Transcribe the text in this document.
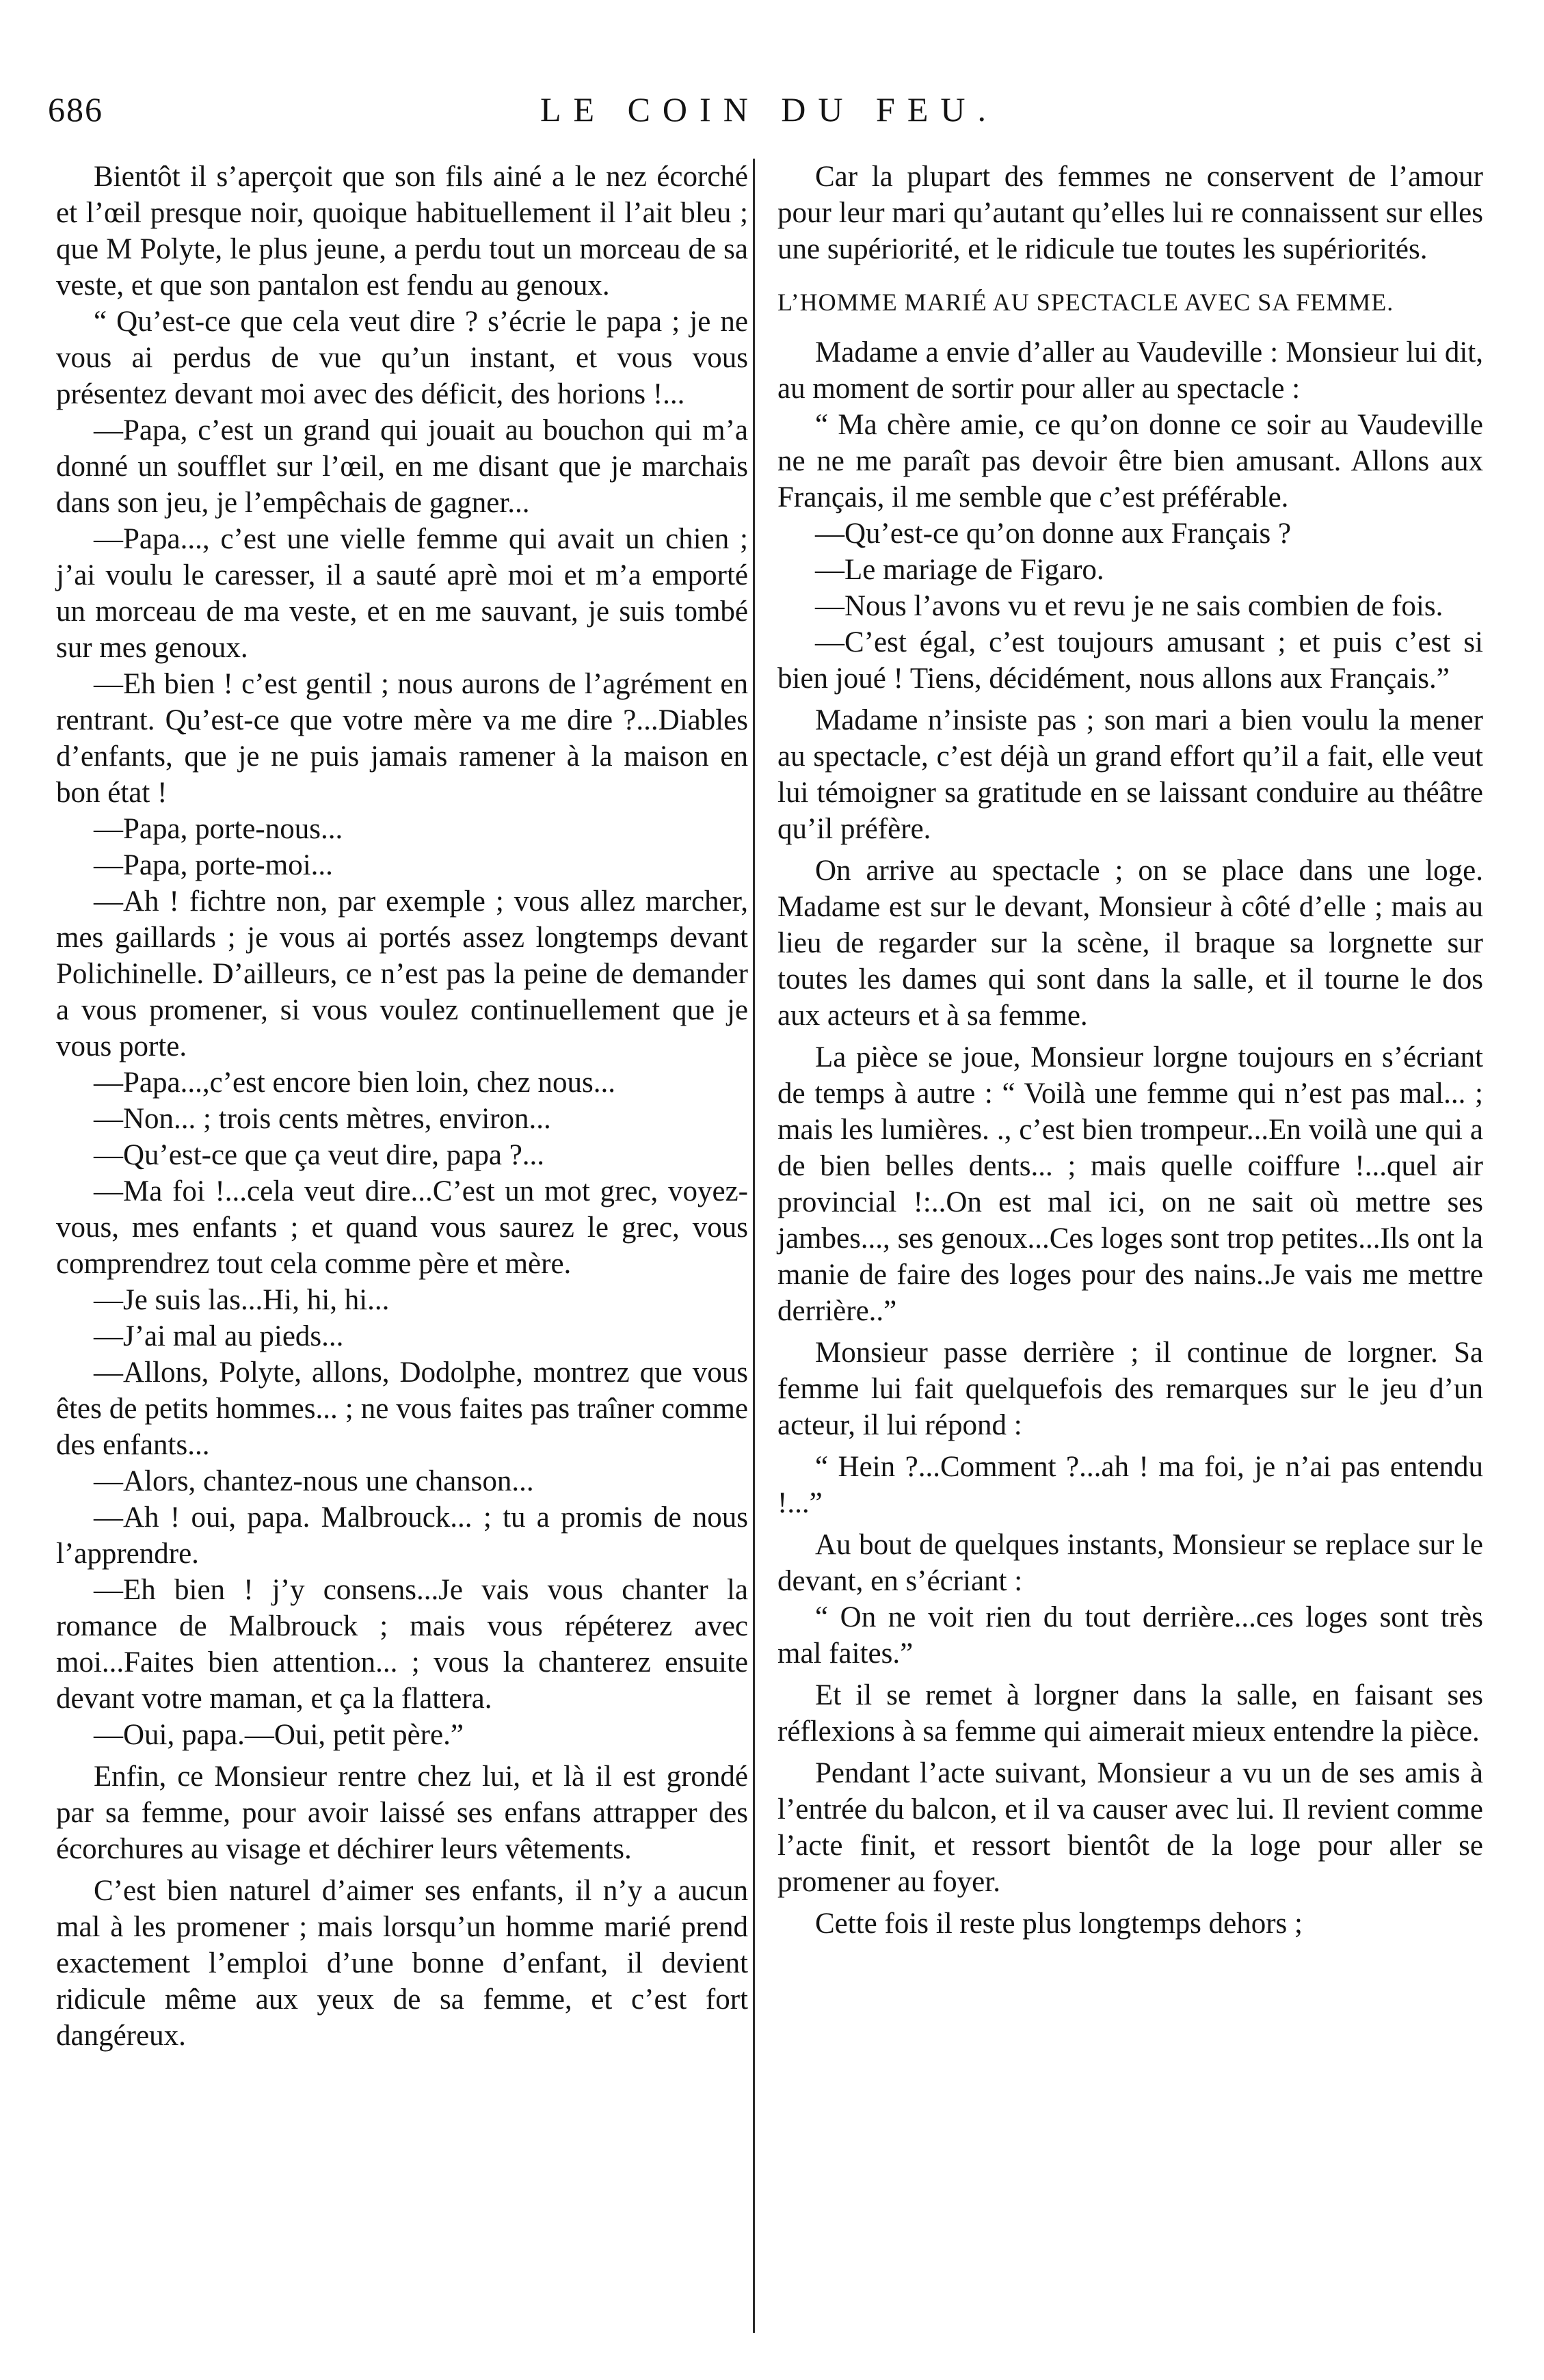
686	LE COIN DU FEU.

Bientôt il s’aperçoit que son fils ainé a le nez écorché et l’œil presque noir, quoique habituellement il l’ait bleu ; que M Polyte, le plus jeune, a perdu tout un morceau de sa veste, et que son pantalon est fendu au genoux.

“ Qu’est-ce que cela veut dire ? s’écrie le papa ; je ne vous ai perdus de vue qu’un instant, et vous vous présentez devant moi avec des déficit, des horions !...

—Papa, c’est un grand qui jouait au bouchon qui m’a donné un soufflet sur l’œil, en me disant que je marchais dans son jeu, je l’empêchais de gagner...

—Papa..., c’est une vielle femme qui avait un chien ; j’ai voulu le caresser, il a sauté aprè moi et m’a emporté un morceau de ma veste, et en me sauvant, je suis tombé sur mes genoux.

—Eh bien ! c’est gentil ; nous aurons de l’agrément en rentrant. Qu’est-ce que votre mère va me dire ?...Diables d’enfants, que je ne puis jamais ramener à la maison en bon état !

—Papa, porte-nous...

—Papa, porte-moi...

—Ah ! fichtre non, par exemple ; vous allez marcher, mes gaillards ; je vous ai portés assez longtemps devant Polichinelle. D’ailleurs, ce n’est pas la peine de demander a vous promener, si vous voulez continuellement que je vous porte.

—Papa...,c’est encore bien loin, chez nous...

—Non... ; trois cents mètres, environ...

—Qu’est-ce que ça veut dire, papa ?...

—Ma foi !...cela veut dire...C’est un mot grec, voyez-vous, mes enfants ; et quand vous saurez le grec, vous comprendrez tout cela comme père et mère.

—Je suis las...Hi, hi, hi...

—J’ai mal au pieds...

—Allons, Polyte, allons, Dodolphe, montrez que vous êtes de petits hommes... ; ne vous faites pas traîner comme des enfants...

—Alors, chantez-nous une chanson...

—Ah ! oui, papa. Malbrouck... ; tu a promis de nous l’apprendre.

—Eh bien ! j’y consens...Je vais vous chanter la romance de Malbrouck ; mais vous répéterez avec moi...Faites bien attention... ; vous la chanterez ensuite devant votre maman, et ça la flattera.

—Oui, papa.—Oui, petit père.”

Enfin, ce Monsieur rentre chez lui, et là il est grondé par sa femme, pour avoir laissé ses enfans attrapper des écorchures au visage et déchirer leurs vêtements.

C’est bien naturel d’aimer ses enfants, il n’y a aucun mal à les promener ; mais lorsqu’un homme marié prend exactement l’emploi d’une bonne d’enfant, il devient ridicule même aux yeux de sa femme, et c’est fort dangéreux.

Car la plupart des femmes ne conservent de l’amour pour leur mari qu’autant qu’elles lui re connaissent sur elles une supériorité, et le ridicule tue toutes les supériorités.

L’HOMME MARIÉ AU SPECTACLE AVEC SA FEMME.

Madame a envie d’aller au Vaudeville : Monsieur lui dit, au moment de sortir pour aller au spectacle :

“ Ma chère amie, ce qu’on donne ce soir au Vaudeville ne ne me paraît pas devoir être bien amusant. Allons aux Français, il me semble que c’est préférable.

—Qu’est-ce qu’on donne aux Français ?

—Le mariage de Figaro.

—Nous l’avons vu et revu je ne sais combien de fois.

—C’est égal, c’est toujours amusant ; et puis c’est si bien joué ! Tiens, décidément, nous allons aux Français.”

Madame n’insiste pas ; son mari a bien voulu la mener au spectacle, c’est déjà un grand effort qu’il a fait, elle veut lui témoigner sa gratitude en se laissant conduire au théâtre qu’il préfère.

On arrive au spectacle ; on se place dans une loge. Madame est sur le devant, Monsieur à côté d’elle ; mais au lieu de regarder sur la scène, il braque sa lorgnette sur toutes les dames qui sont dans la salle, et il tourne le dos aux acteurs et à sa femme.

La pièce se joue, Monsieur lorgne toujours en s’écriant de temps à autre : “ Voilà une femme qui n’est pas mal... ; mais les lumières. ., c’est bien trompeur...En voilà une qui a de bien belles dents... ; mais quelle coiffure !...quel air provincial !:..On est mal ici, on ne sait où mettre ses jambes..., ses genoux...Ces loges sont trop petites...Ils ont la manie de faire des loges pour des nains..Je vais me mettre derrière..”

Monsieur passe derrière ; il continue de lorgner. Sa femme lui fait quelquefois des remarques sur le jeu d’un acteur, il lui répond :

“ Hein ?...Comment ?...ah ! ma foi, je n’ai pas entendu !...”

Au bout de quelques instants, Monsieur se replace sur le devant, en s’écriant :

“ On ne voit rien du tout derrière...ces loges sont très mal faites.”

Et il se remet à lorgner dans la salle, en faisant ses réflexions à sa femme qui aimerait mieux entendre la pièce.

Pendant l’acte suivant, Monsieur a vu un de ses amis à l’entrée du balcon, et il va causer avec lui. Il revient comme l’acte finit, et ressort bientôt de la loge pour aller se promener au foyer.

Cette fois il reste plus longtemps dehors ;
